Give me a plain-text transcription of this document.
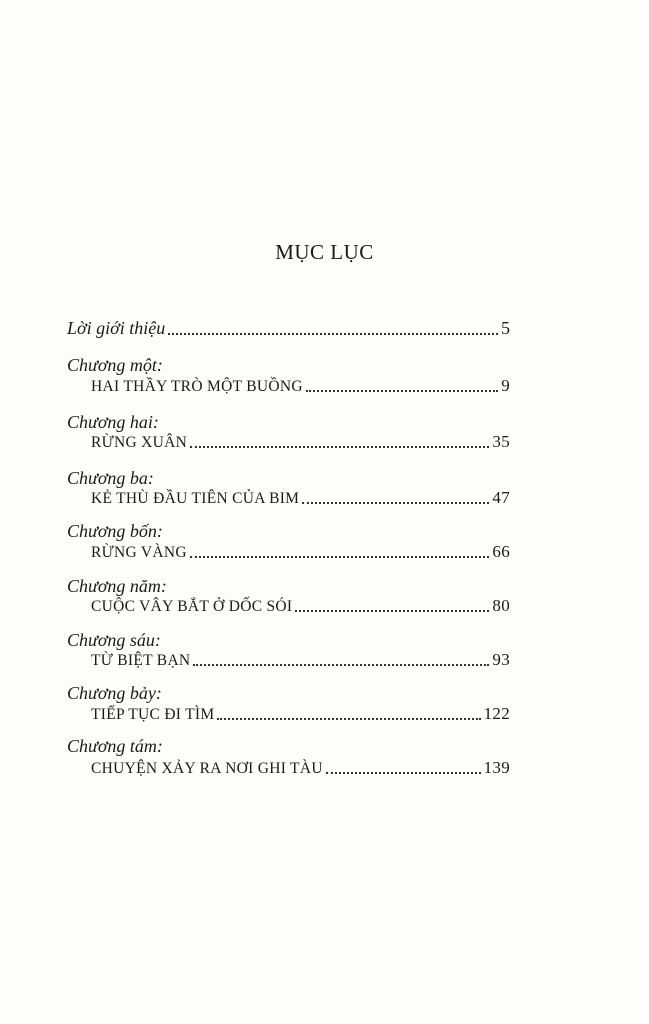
MỤC LỤC
Lời giới thiệu	5
Chương một:
HAI THẦY TRÒ MỘT BUỒNG	9
Chương hai:
RỪNG XUÂN	35
Chương ba:
KẺ THÙ ĐẦU TIÊN CỦA BIM	47
Chương bốn:
RỪNG VÀNG	66
Chương năm:
CUỘC VÂY BẮT Ở DỐC SÓI	80
Chương sáu:
TỪ BIỆT BẠN	93
Chương bảy:
TIẾP TỤC ĐI TÌM	122
Chương tám:
CHUYỆN XẢY RA NƠI GHI TÀU	139
